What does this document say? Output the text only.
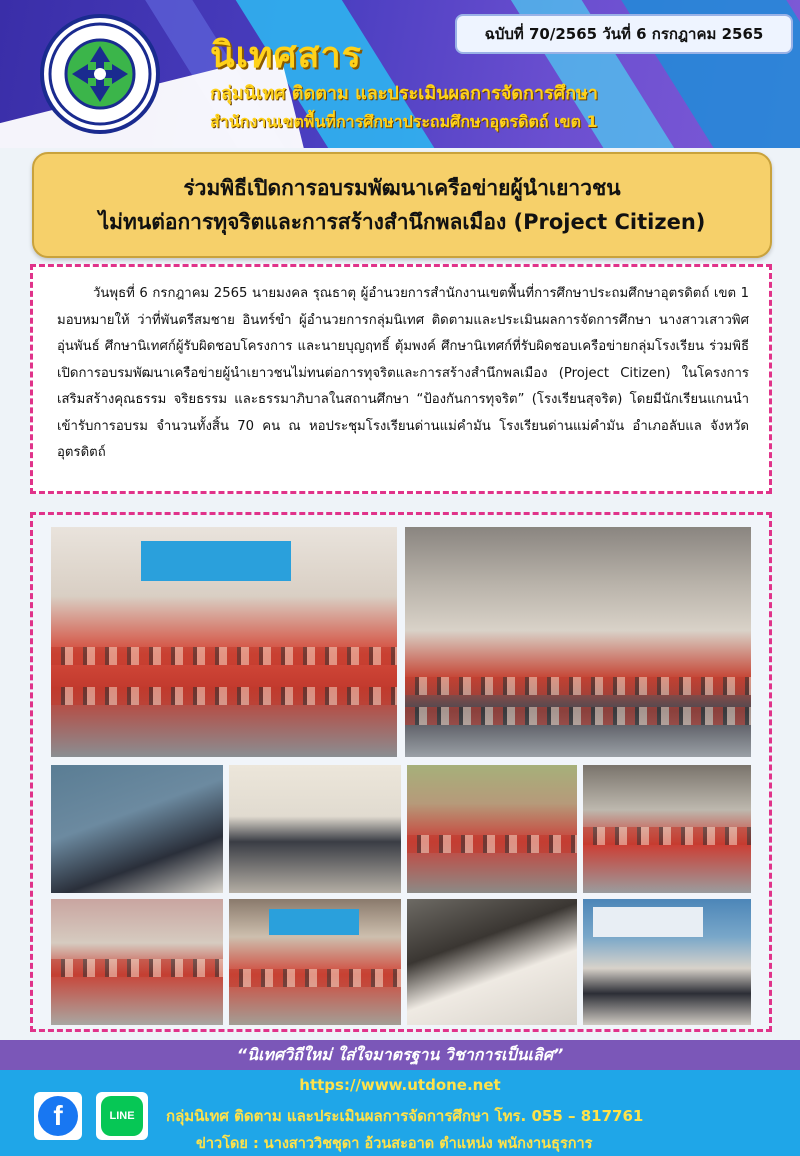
นิเทศสาร
กลุ่มนิเทศ ติดตาม และประเมินผลการจัดการศึกษา
สำนักงานเขตพื้นที่การศึกษาประถมศึกษาอุตรดิตถ์ เขต 1
ฉบับที่ 70/2565 วันที่ 6 กรกฎาคม 2565
ร่วมพิธีเปิดการอบรมพัฒนาเครือข่ายผู้นำเยาวชน
ไม่ทนต่อการทุจริตและการสร้างสำนึกพลเมือง (Project Citizen)

วันพุธที่ 6 กรกฎาคม 2565 นายมงคล รุณธาตุ ผู้อำนวยการสำนักงานเขตพื้นที่การศึกษาประถมศึกษาอุตรดิตถ์ เขต 1 มอบหมายให้ ว่าที่พันตรีสมชาย อินทร์ขำ ผู้อำนวยการกลุ่มนิเทศ ติดตามและประเมินผลการจัดการศึกษา นางสาวเสาวพิศ อุ่นพันธ์ ศึกษานิเทศก์ผู้รับผิดชอบโครงการ และนายบุญฤทธิ์ ตุ้มพงค์ ศึกษานิเทศก์ที่รับผิดชอบเครือข่ายกลุ่มโรงเรียน ร่วมพิธีเปิดการอบรมพัฒนาเครือข่ายผู้นำเยาวชนไม่ทนต่อการทุจริตและการสร้างสำนึกพลเมือง (Project Citizen) ในโครงการเสริมสร้างคุณธรรม จริยธรรม และธรรมาภิบาลในสถานศึกษา “ป้องกันการทุจริต” (โรงเรียนสุจริต) โดยมีนักเรียนแกนนำเข้ารับการอบรม จำนวนทั้งสิ้น 70 คน ณ หอประชุมโรงเรียนด่านแม่คำมัน โรงเรียนด่านแม่คำมัน อำเภอลับแล จังหวัดอุตรดิตถ์

“นิเทศวิถีใหม่ ใส่ใจมาตรฐาน วิชาการเป็นเลิศ”
https://www.utdone.net
กลุ่มนิเทศ ติดตาม และประเมินผลการจัดการศึกษา โทร. 055 – 817761
ข่าวโดย : นางสาววิชชุดา อ้วนสะอาด ตำแหน่ง พนักงานธุรการ
f	LINE
